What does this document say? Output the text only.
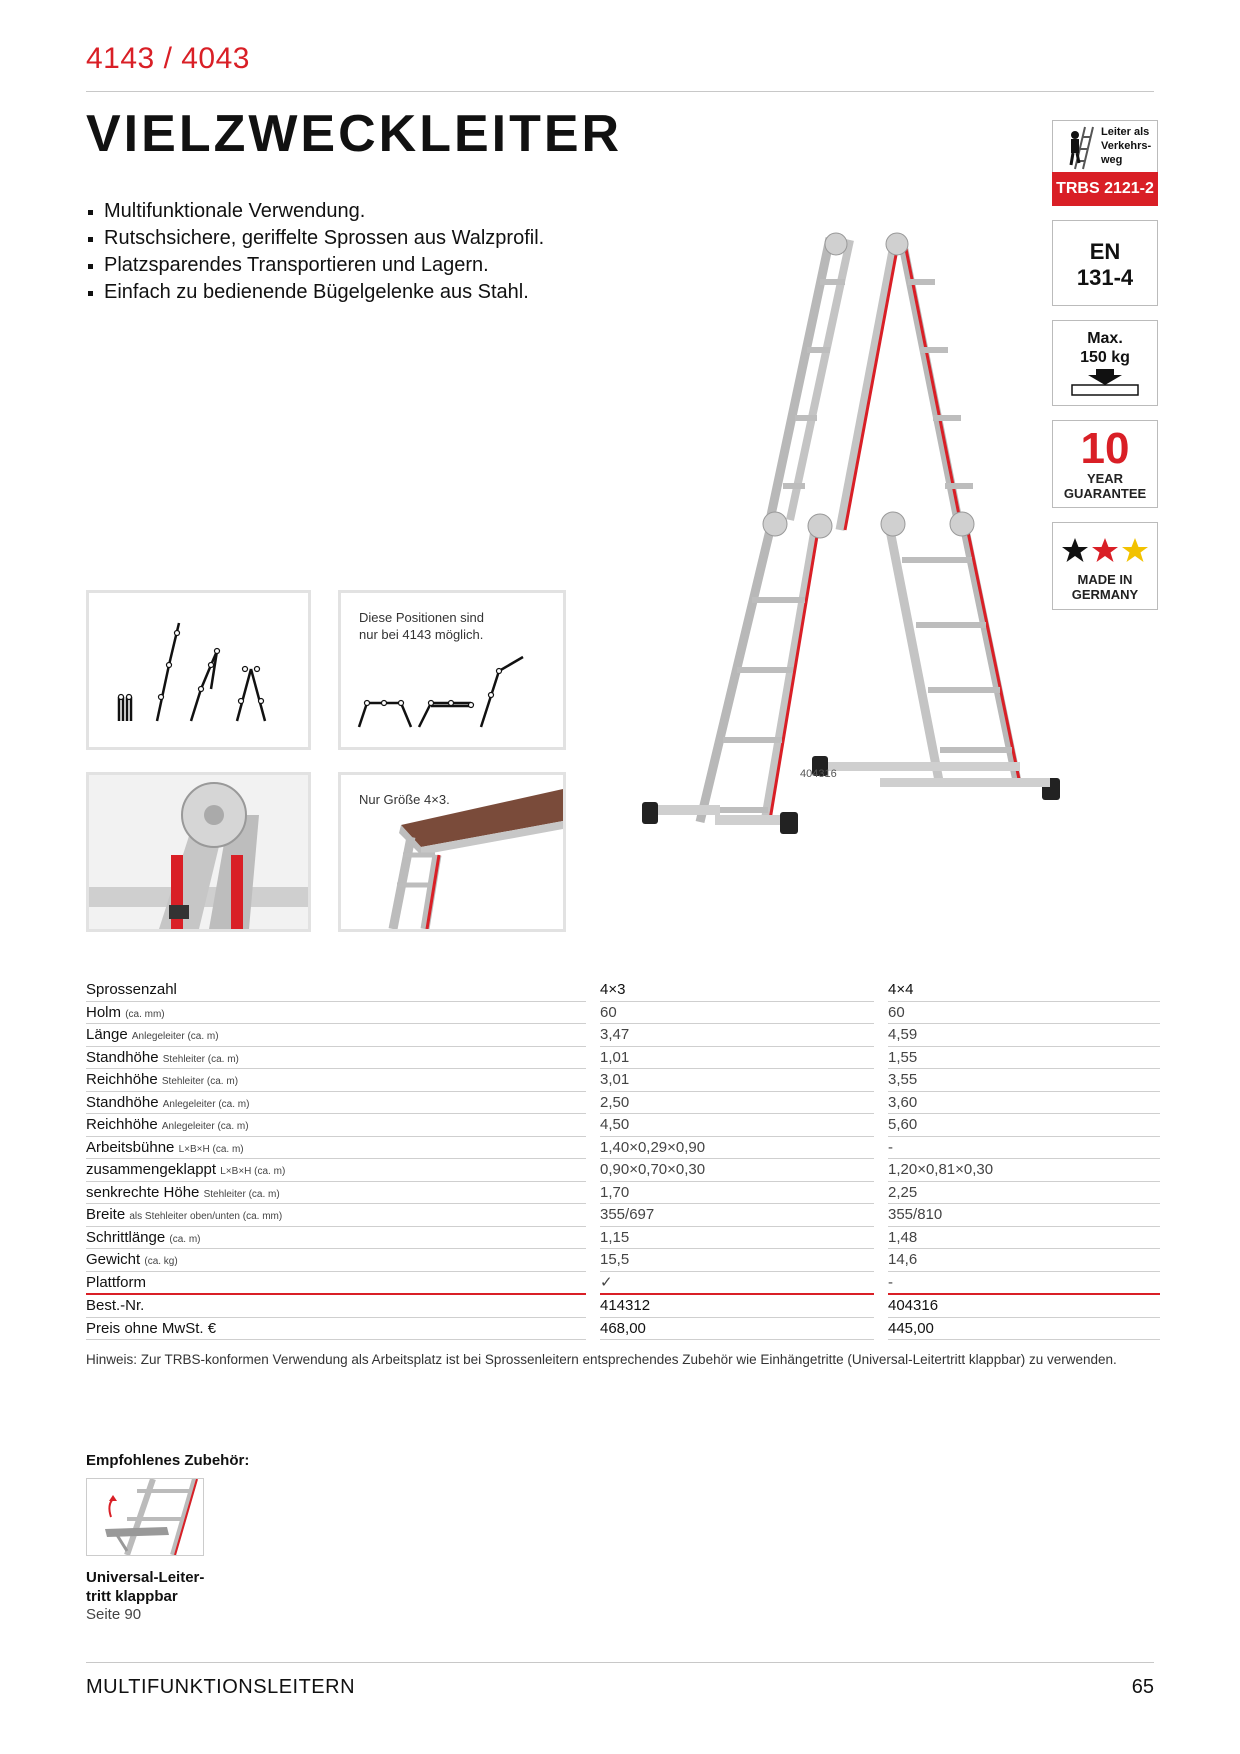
4143 / 4043
VIELZWECKLEITER
Multifunktionale Verwendung.
Rutschsichere, geriffelte Sprossen aus Walzprofil.
Platzsparendes Transportieren und Lagern.
Einfach zu bedienende Bügelgelenke aus Stahl.
404316
Leiter als
Verkehrs-
weg
TRBS 2121-2
EN
131-4
Max.
150 kg
10
YEAR
GUARANTEE
MADE IN
GERMANY
Diese Positionen sind
nur bei 4143 möglich.
Nur Größe 4×3.
Sprossenzahl		4×3		4×4
Holm (ca. mm)		60		60
Länge Anlegeleiter (ca. m)		3,47		4,59
Standhöhe Stehleiter (ca. m)		1,01		1,55
Reichhöhe Stehleiter (ca. m)		3,01		3,55
Standhöhe Anlegeleiter (ca. m)		2,50		3,60
Reichhöhe Anlegeleiter (ca. m)		4,50		5,60
Arbeitsbühne L×B×H (ca. m)		1,40×0,29×0,90		-
zusammengeklappt L×B×H (ca. m)		0,90×0,70×0,30		1,20×0,81×0,30
senkrechte Höhe Stehleiter (ca. m)		1,70		2,25
Breite als Stehleiter oben/unten (ca. mm)		355/697		355/810
Schrittlänge (ca. m)		1,15		1,48
Gewicht (ca. kg)		15,5		14,6
Plattform		✓		-
Best.-Nr.		414312		404316
Preis ohne MwSt. €		468,00		445,00
Hinweis: Zur TRBS-konformen Verwendung als Arbeitsplatz ist bei Sprossenleitern entsprechendes Zubehör wie Einhängetritte (Universal-Leitertritt klappbar) zu verwenden.
Empfohlenes Zubehör:
Universal-Leiter-
tritt klappbar
Seite 90
MULTIFUNKTIONSLEITERN	65
